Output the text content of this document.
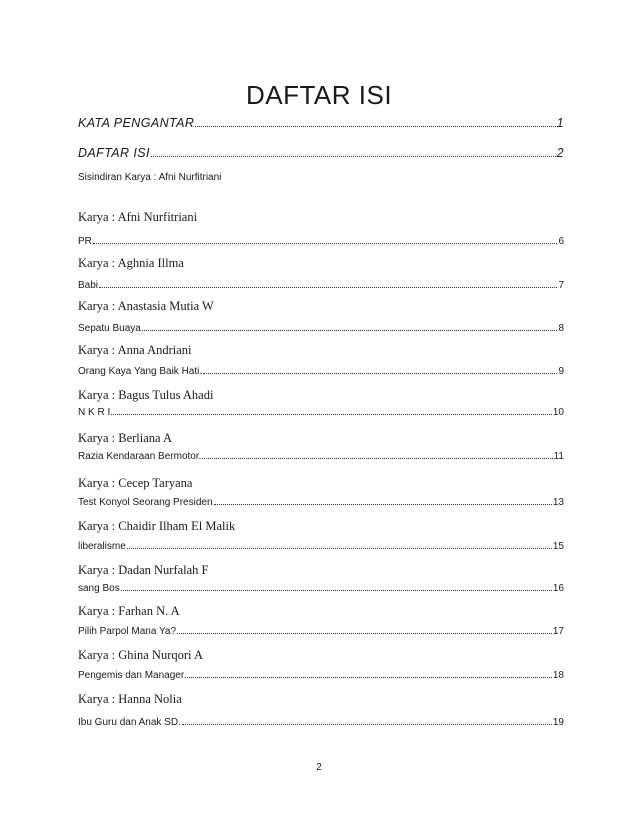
DAFTAR ISI
KATA PENGANTAR	1
DAFTAR ISI	2
Sisindiran Karya : Afni Nurfitriani
Karya : Afni Nurfitriani
PR	6
Karya : Aghnia Illma
Babi	7
Karya : Anastasia Mutia W
Sepatu Buaya	8
Karya : Anna Andriani
Orang Kaya Yang Baik Hati.	9
Karya : Bagus Tulus Ahadi
N K R I	10
Karya : Berliana A
Razia Kendaraan Bermotor.	11
Karya : Cecep Taryana
Test Konyol Seorang Presiden	13
Karya : Chaidir Ilham El Malik
liberalisme	15
Karya : Dadan Nurfalah F
sang Bos	16
Karya : Farhan N. A
Pilih Parpol Mana Ya?	17
Karya : Ghina Nurqori A
Pengemis dan Manager	18
Karya : Hanna Nolia
Ibu Guru dan Anak SD.	19
2
